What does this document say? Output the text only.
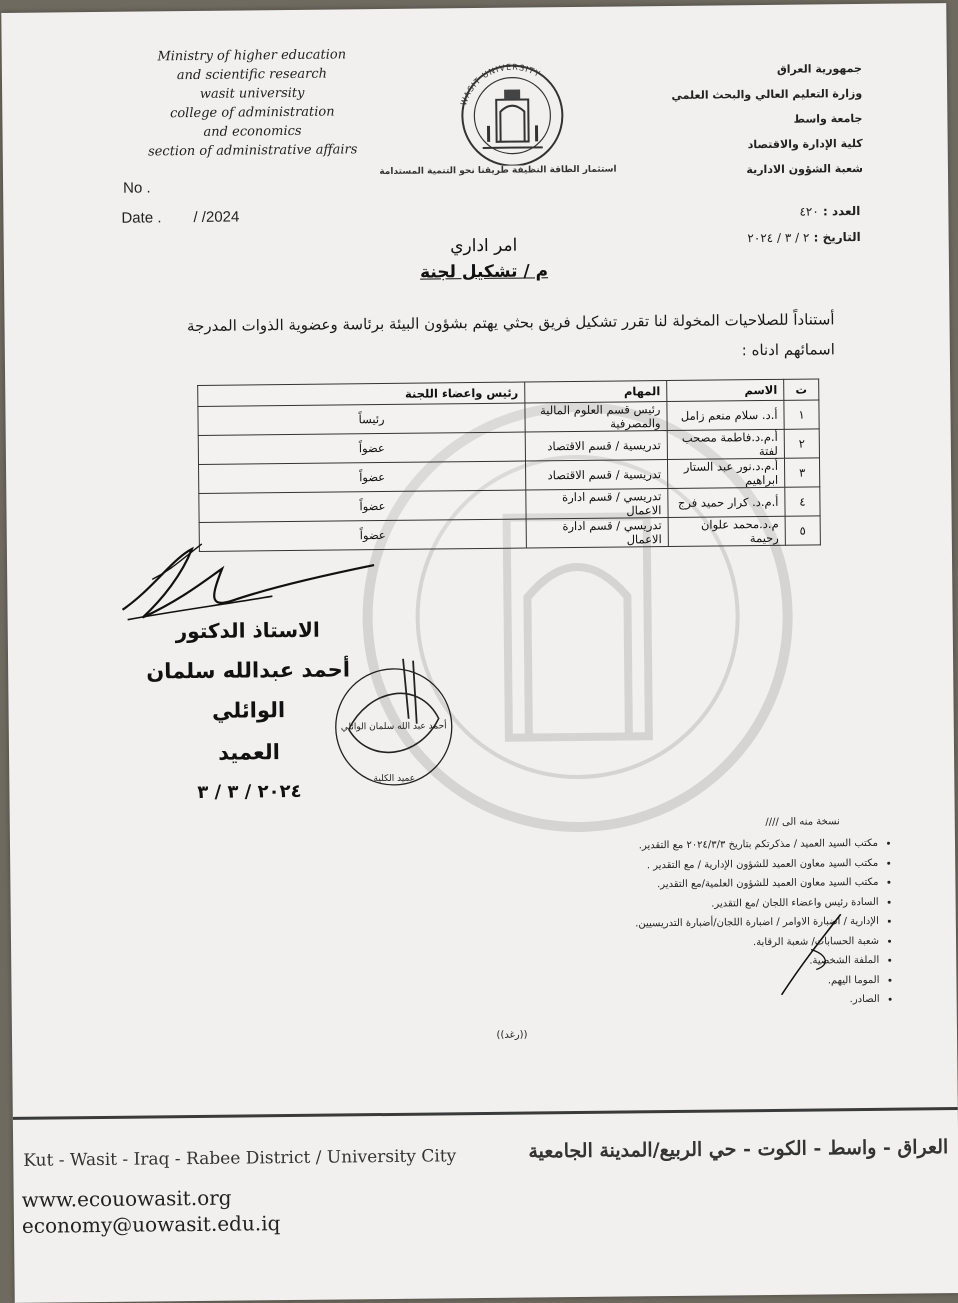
Ministry of higher education
and scientific research
wasit university
college of administration
and economics
section of administrative affairs
WASIT UNIVERSITY
استثمار الطاقة النظيفة طريقنا نحو التنمية المستدامة
جمهورية العراق
وزارة التعليم العالي والبحث العلمي
جامعة واسط
كلية الإدارة والاقتصاد
شعبة الشؤون الادارية
No .
Date . / /2024	العدد : ٤٢٠
التاريخ : ٢ / ٣ / ٢٠٢٤
امر اداري
م / تشكيل لجنة
أستناداً للصلاحيات المخولة لنا تقرر تشكيل فريق بحثي يهتم بشؤون البيئة برئاسة وعضوية الذوات المدرجة اسمائهم ادناه :
ت	الاسم	المهام	رئيس واعضاء اللجنة
١	أ.د. سلام منعم زامل	رئيس قسم العلوم المالية والمصرفية	رئيساً
٢	أ.م.د.فاطمة مصحب لفتة	تدريسية / قسم الاقتصاد	عضواً
٣	أ.م.د.نور عبد الستار ابراهيم	تدريسية / قسم الاقتصاد	عضواً
٤	أ.م.د. كرار حميد فرج	تدريسي / قسم ادارة الاعمال	عضواً
٥	م.د.محمد علوان رحيمة	تدريسي / قسم ادارة الاعمال	عضواً
الاستاذ الدكتور
أحمد عبدالله سلمان الوائلي
العميد
٢٠٢٤ / ٣ / ٣
أحمد عبد الله سلمان الوائلي
عميد الكلية
نسخة منه الى ////
• مكتب السيد العميد / مذكرتكم بتاريخ ٢٠٢٤/٣/٣ مع التقدير.
• مكتب السيد معاون العميد للشؤون الإدارية / مع التقدير .
• مكتب السيد معاون العميد للشؤون العلمية/مع التقدير.
• السادة رئيس واعضاء اللجان /مع التقدير.
• الإدارية / اضبارة الاوامر / اضبارة اللجان/أضبارة التدريسيين.
• شعبة الحسابات/ شعبة الرقابة.
• الملفة الشخصية.
• الموما اليهم.
• الصادر.
((رغد))
Kut - Wasit - Iraq - Rabee District / University City	العراق - واسط - الكوت - حي الربيع/المدينة الجامعية
www.ecouowasit.org
economy@uowasit.edu.iq
